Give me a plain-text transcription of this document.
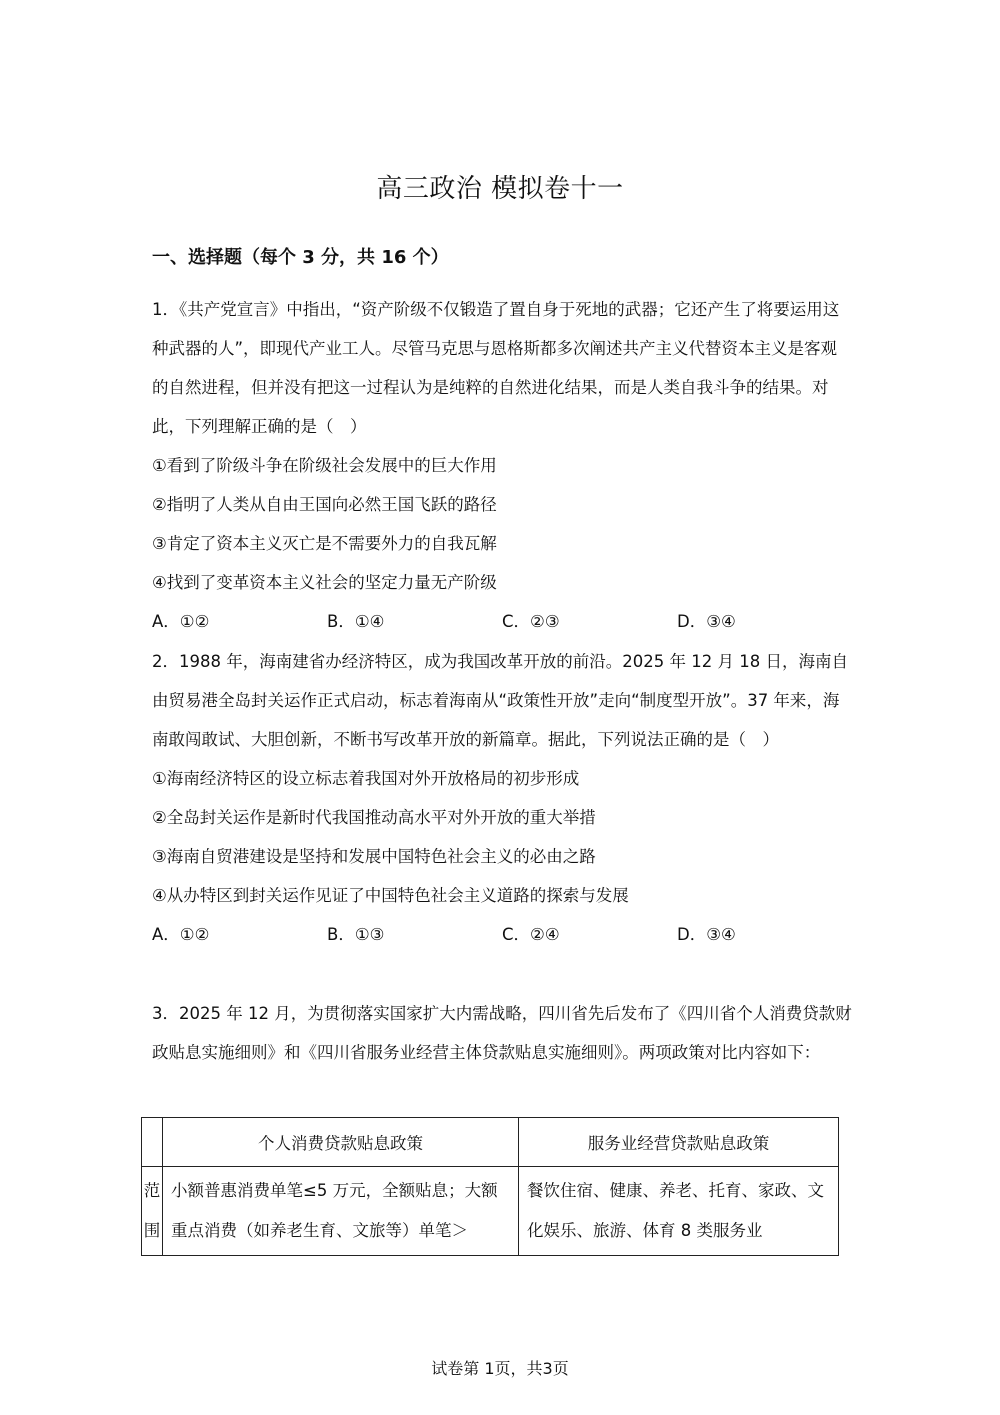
高三政治 模拟卷十一
一、选择题（每个 3 分，共 16 个）

1．《共产党宣言》中指出，“资产阶级不仅锻造了置自身于死地的武器；它还产生了将要运用这种武器的人”，即现代产业工人。尽管马克思与恩格斯都多次阐述共产主义代替资本主义是客观的自然进程，但并没有把这一过程认为是纯粹的自然进化结果，而是人类自我斗争的结果。对此，下列理解正确的是（　）

①看到了阶级斗争在阶级社会发展中的巨大作用

②指明了人类从自由王国向必然王国飞跃的路径

③肯定了资本主义灭亡是不需要外力的自我瓦解

④找到了变革资本主义社会的坚定力量无产阶级

A．①②	B．①④	C．②③	D．③④

2．1988 年，海南建省办经济特区，成为我国改革开放的前沿。2025 年 12 月 18 日，海南自由贸易港全岛封关运作正式启动，标志着海南从“政策性开放”走向“制度型开放”。37 年来，海南敢闯敢试、大胆创新，不断书写改革开放的新篇章。据此，下列说法正确的是（　）

①海南经济特区的设立标志着我国对外开放格局的初步形成

②全岛封关运作是新时代我国推动高水平对外开放的重大举措

③海南自贸港建设是坚持和发展中国特色社会主义的必由之路

④从办特区到封关运作见证了中国特色社会主义道路的探索与发展

A．①②	B．①③	C．②④	D．③④

3．2025 年 12 月，为贯彻落实国家扩大内需战略，四川省先后发布了《四川省个人消费贷款财政贴息实施细则》和《四川省服务业经营主体贷款贴息实施细则》。两项政策对比内容如下：

	个人消费贷款贴息政策	服务业经营贷款贴息政策
范围	小额普惠消费单笔≤5 万元，全额贴息；大额重点消费（如养老生育、文旅等）单笔＞	餐饮住宿、健康、养老、托育、家政、文化娱乐、旅游、体育 8 类服务业
试卷第 1页，共3页
